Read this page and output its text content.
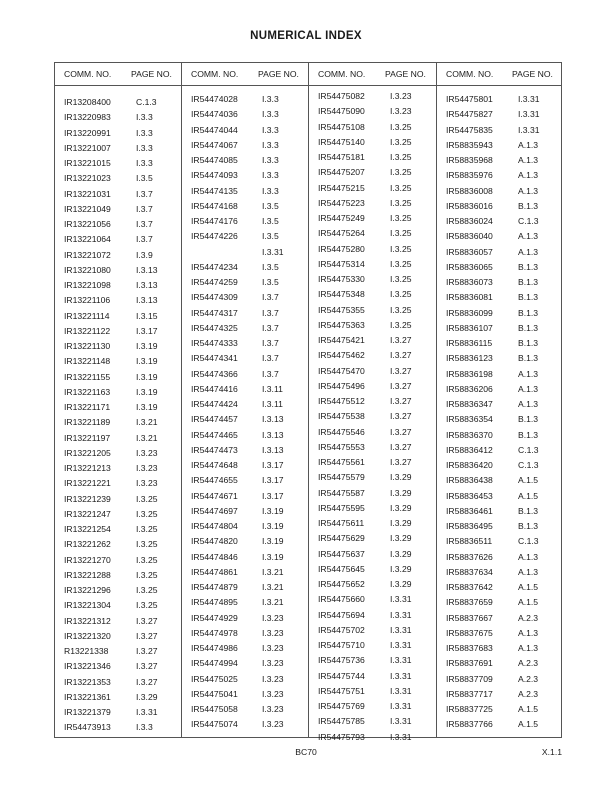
NUMERICAL INDEX
COMM. NO. PAGE NO.
IR13208400	C.1.3
IR13220983	I.3.3
IR13220991	I.3.3
IR13221007	I.3.3
IR13221015	I.3.3
IR13221023	I.3.5
IR13221031	I.3.7
IR13221049	I.3.7
IR13221056	I.3.7
IR13221064	I.3.7
IR13221072	I.3.9
IR13221080	I.3.13
IR13221098	I.3.13
IR13221106	I.3.13
IR13221114	I.3.15
IR13221122	I.3.17
IR13221130	I.3.19
IR13221148	I.3.19
IR13221155	I.3.19
IR13221163	I.3.19
IR13221171	I.3.19
IR13221189	I.3.21
IR13221197	I.3.21
IR13221205	I.3.23
IR13221213	I.3.23
IR13221221	I.3.23
IR13221239	I.3.25
IR13221247	I.3.25
IR13221254	I.3.25
IR13221262	I.3.25
IR13221270	I.3.25
IR13221288	I.3.25
IR13221296	I.3.25
IR13221304	I.3.25
IR13221312	I.3.27
IR13221320	I.3.27
R13221338	I.3.27
IR13221346	I.3.27
IR13221353	I.3.27
IR13221361	I.3.29
IR13221379	I.3.31
IR54473913	I.3.3
COMM. NO. PAGE NO.
IR54474028	I.3.3
IR54474036	I.3.3
IR54474044	I.3.3
IR54474067	I.3.3
IR54474085	I.3.3
IR54474093	I.3.3
IR54474135	I.3.3
IR54474168	I.3.5
IR54474176	I.3.5
IR54474226	I.3.5
I.3.31
IR54474234	I.3.5
IR54474259	I.3.5
IR54474309	I.3.7
IR54474317	I.3.7
IR54474325	I.3.7
IR54474333	I.3.7
IR54474341	I.3.7
IR54474366	I.3.7
IR54474416	I.3.11
IR54474424	I.3.11
IR54474457	I.3.13
IR54474465	I.3.13
IR54474473	I.3.13
IR54474648	I.3.17
IR54474655	I.3.17
IR54474671	I.3.17
IR54474697	I.3.19
IR54474804	I.3.19
IR54474820	I.3.19
IR54474846	I.3.19
IR54474861	I.3.21
IR54474879	I.3.21
IR54474895	I.3.21
IR54474929	I.3.23
IR54474978	I.3.23
IR54474986	I.3.23
IR54474994	I.3.23
IR54475025	I.3.23
IR54475041	I.3.23
IR54475058	I.3.23
IR54475074	I.3.23
COMM. NO. PAGE NO.
IR54475082	I.3.23
IR54475090	I.3.23
IR54475108	I.3.25
IR54475140	I.3.25
IR54475181	I.3.25
IR54475207	I.3.25
IR54475215	I.3.25
IR54475223	I.3.25
IR54475249	I.3.25
IR54475264	I.3.25
IR54475280	I.3.25
IR54475314	I.3.25
IR54475330	I.3.25
IR54475348	I.3.25
IR54475355	I.3.25
IR54475363	I.3.25
IR54475421	I.3.27
IR54475462	I.3.27
IR54475470	I.3.27
IR54475496	I.3.27
IR54475512	I.3.27
IR54475538	I.3.27
IR54475546	I.3.27
IR54475553	I.3.27
IR54475561	I.3.27
IR54475579	I.3.29
IR54475587	I.3.29
IR54475595	I.3.29
IR54475611	I.3.29
IR54475629	I.3.29
IR54475637	I.3.29
IR54475645	I.3.29
IR54475652	I.3.29
IR54475660	I.3.31
IR54475694	I.3.31
IR54475702	I.3.31
IR54475710	I.3.31
IR54475736	I.3.31
IR54475744	I.3.31
IR54475751	I.3.31
IR54475769	I.3.31
IR54475785	I.3.31
IR54475793	I.3.31
COMM. NO. PAGE NO.
IR54475801	I.3.31
IR54475827	I.3.31
IR54475835	I.3.31
IR58835943	A.1.3
IR58835968	A.1.3
IR58835976	A.1.3
IR58836008	A.1.3
IR58836016	B.1.3
IR58836024	C.1.3
IR58836040	A.1.3
IR58836057	A.1.3
IR58836065	B.1.3
IR58836073	B.1.3
IR58836081	B.1.3
IR58836099	B.1.3
IR58836107	B.1.3
IR58836115	B.1.3
IR58836123	B.1.3
IR58836198	A.1.3
IR58836206	A.1.3
IR58836347	A.1.3
IR58836354	B.1.3
IR58836370	B.1.3
IR58836412	C.1.3
IR58836420	C.1.3
IR58836438	A.1.5
IR58836453	A.1.5
IR58836461	B.1.3
IR58836495	B.1.3
IR58836511	C.1.3
IR58837626	A.1.3
IR58837634	A.1.3
IR58837642	A.1.5
IR58837659	A.1.5
IR58837667	A.2.3
IR58837675	A.1.3
IR58837683	A.1.3
IR58837691	A.2.3
IR58837709	A.2.3
IR58837717	A.2.3
IR58837725	A.1.5
IR58837766	A.1.5
BC70	X.1.1
